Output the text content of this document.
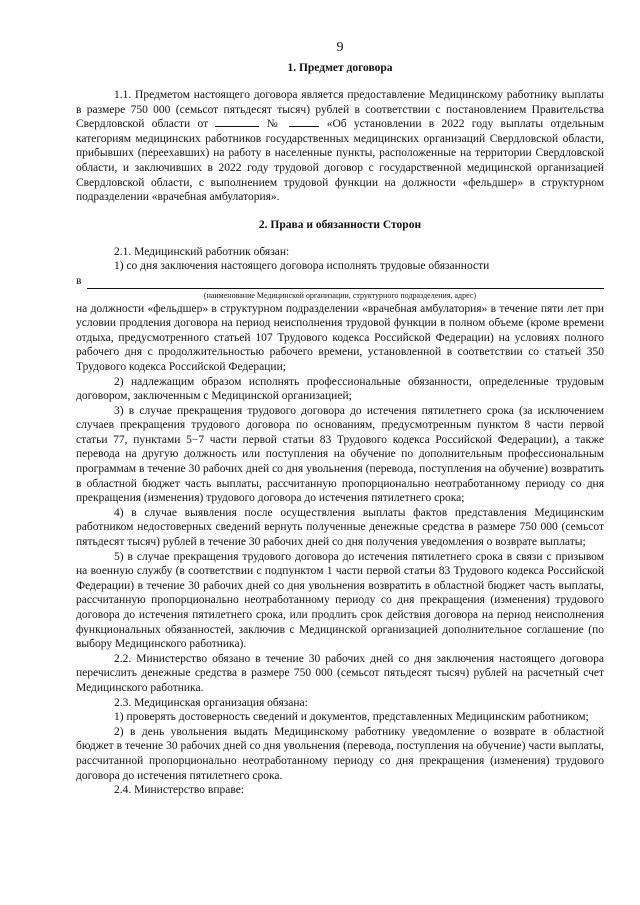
9
1. Предмет договора

1.1. Предметом настоящего договора является предоставление Медицинскому работнику выплаты в размере 750 000 (семьсот пятьдесят тысяч) рублей в соответствии с постановлением Правительства Свердловской области от	№	«Об установлении в 2022 году выплаты отдельным категориям медицинских работников государственных медицинских организаций Свердловской области, прибывших (переехавших) на работу в населенные пункты, расположенные на территории Свердловской области, и заключивших в 2022 году трудовой договор с государственной медицинской организацией Свердловской области, с выполнением трудовой функции на должности «фельдшер» в структурном подразделении «врачебная амбулатория».

2. Права и обязанности Сторон

2.1. Медицинский работник обязан:

1) со дня заключения настоящего договора исполнять трудовые обязанности

в
(наименование Медицинской организации, структурного подразделения, адрес)

на должности «фельдшер» в структурном подразделении «врачебная амбулатория» в течение пяти лет при условии продления договора на период неисполнения трудовой функции в полном объеме (кроме времени отдыха, предусмотренного статьей 107 Трудового кодекса Российской Федерации) на условиях полного рабочего дня с продолжительностью рабочего времени, установленной в соответствии со статьей 350 Трудового кодекса Российской Федерации;

2) надлежащим образом исполнять профессиональные обязанности, определенные трудовым договором, заключенным с Медицинской организацией;

3) в случае прекращения трудового договора до истечения пятилетнего срока (за исключением случаев прекращения трудового договора по основаниям, предусмотренным пунктом 8 части первой статьи 77, пунктами 5−7 части первой статьи 83 Трудового кодекса Российской Федерации), а также перевода на другую должность или поступления на обучение по дополнительным профессиональным программам в течение 30 рабочих дней со дня увольнения (перевода, поступления на обучение) возвратить в областной бюджет часть выплаты, рассчитанную пропорционально неотработанному периоду со дня прекращения (изменения) трудового договора до истечения пятилетнего срока;

4) в случае выявления после осуществления выплаты фактов представления Медицинским работником недостоверных сведений вернуть полученные денежные средства в размере 750 000 (семьсот пятьдесят тысяч) рублей в течение 30 рабочих дней со дня получения уведомления о возврате выплаты;

5) в случае прекращения трудового договора до истечения пятилетнего срока в связи с призывом на военную службу (в соответствии с подпунктом 1 части первой статьи 83 Трудового кодекса Российской Федерации) в течение 30 рабочих дней со дня увольнения возвратить в областной бюджет часть выплаты, рассчитанную пропорционально неотработанному периоду со дня прекращения (изменения) трудового договора до истечения пятилетнего срока, или продлить срок действия договора на период неисполнения функциональных обязанностей, заключив с Медицинской организацией дополнительное соглашение (по выбору Медицинского работника).

2.2. Министерство обязано в течение 30 рабочих дней со дня заключения настоящего договора перечислить денежные средства в размере 750 000 (семьсот пятьдесят тысяч) рублей на расчетный счет Медицинского работника.

2.3. Медицинская организация обязана:

1) проверять достоверность сведений и документов, представленных Медицинским работником;

2) в день увольнения выдать Медицинскому работнику уведомление о возврате в областной бюджет в течение 30 рабочих дней со дня увольнения (перевода, поступления на обучение) части выплаты, рассчитанной пропорционально неотработанному периоду со дня прекращения (изменения) трудового договора до истечения пятилетнего срока.

2.4. Министерство вправе:
